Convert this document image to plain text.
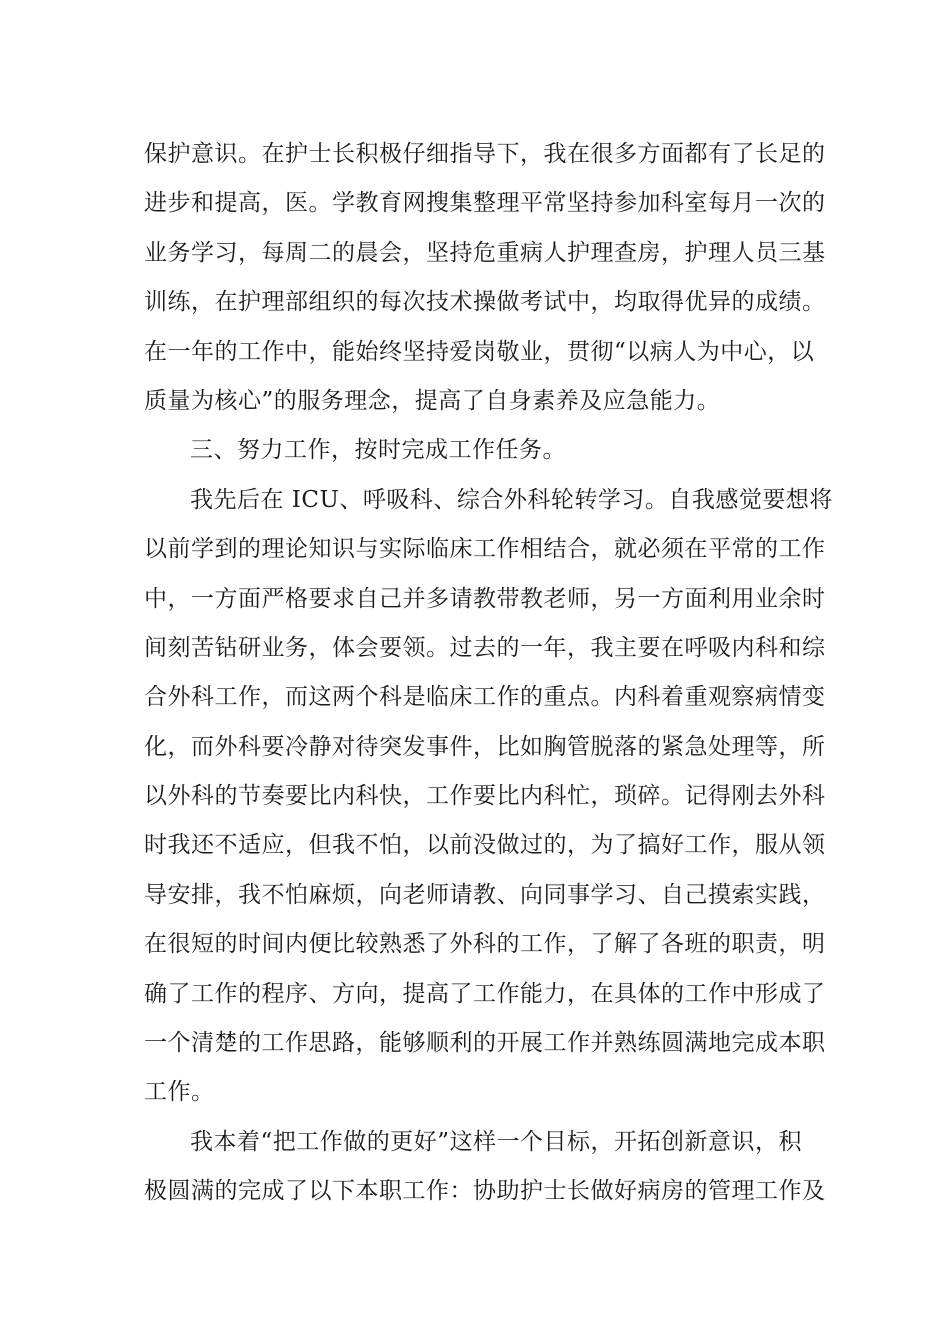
保护意识。在护士长积极仔细指导下，我在很多方面都有了长足的
进步和提高，医。学教育网搜集整理平常坚持参加科室每月一次的
业务学习，每周二的晨会，坚持危重病人护理查房，护理人员三基
训练，在护理部组织的每次技术操做考试中，均取得优异的成绩。
在一年的工作中，能始终坚持爱岗敬业，贯彻“以病人为中心，以
质量为核心”的服务理念，提高了自身素养及应急能力。
三、努力工作，按时完成工作任务。
我先后在 ICU、呼吸科、综合外科轮转学习。自我感觉要想将
以前学到的理论知识与实际临床工作相结合，就必须在平常的工作
中，一方面严格要求自己并多请教带教老师，另一方面利用业余时
间刻苦钻研业务，体会要领。过去的一年，我主要在呼吸内科和综
合外科工作，而这两个科是临床工作的重点。内科着重观察病情变
化，而外科要冷静对待突发事件，比如胸管脱落的紧急处理等，所
以外科的节奏要比内科快，工作要比内科忙，琐碎。记得刚去外科
时我还不适应，但我不怕，以前没做过的，为了搞好工作，服从领
导安排，我不怕麻烦，向老师请教、向同事学习、自己摸索实践，
在很短的时间内便比较熟悉了外科的工作，了解了各班的职责，明
确了工作的程序、方向，提高了工作能力，在具体的工作中形成了
一个清楚的工作思路，能够顺利的开展工作并熟练圆满地完成本职
工作。
我本着“把工作做的更好”这样一个目标，开拓创新意识，积
极圆满的完成了以下本职工作：协助护士长做好病房的管理工作及
